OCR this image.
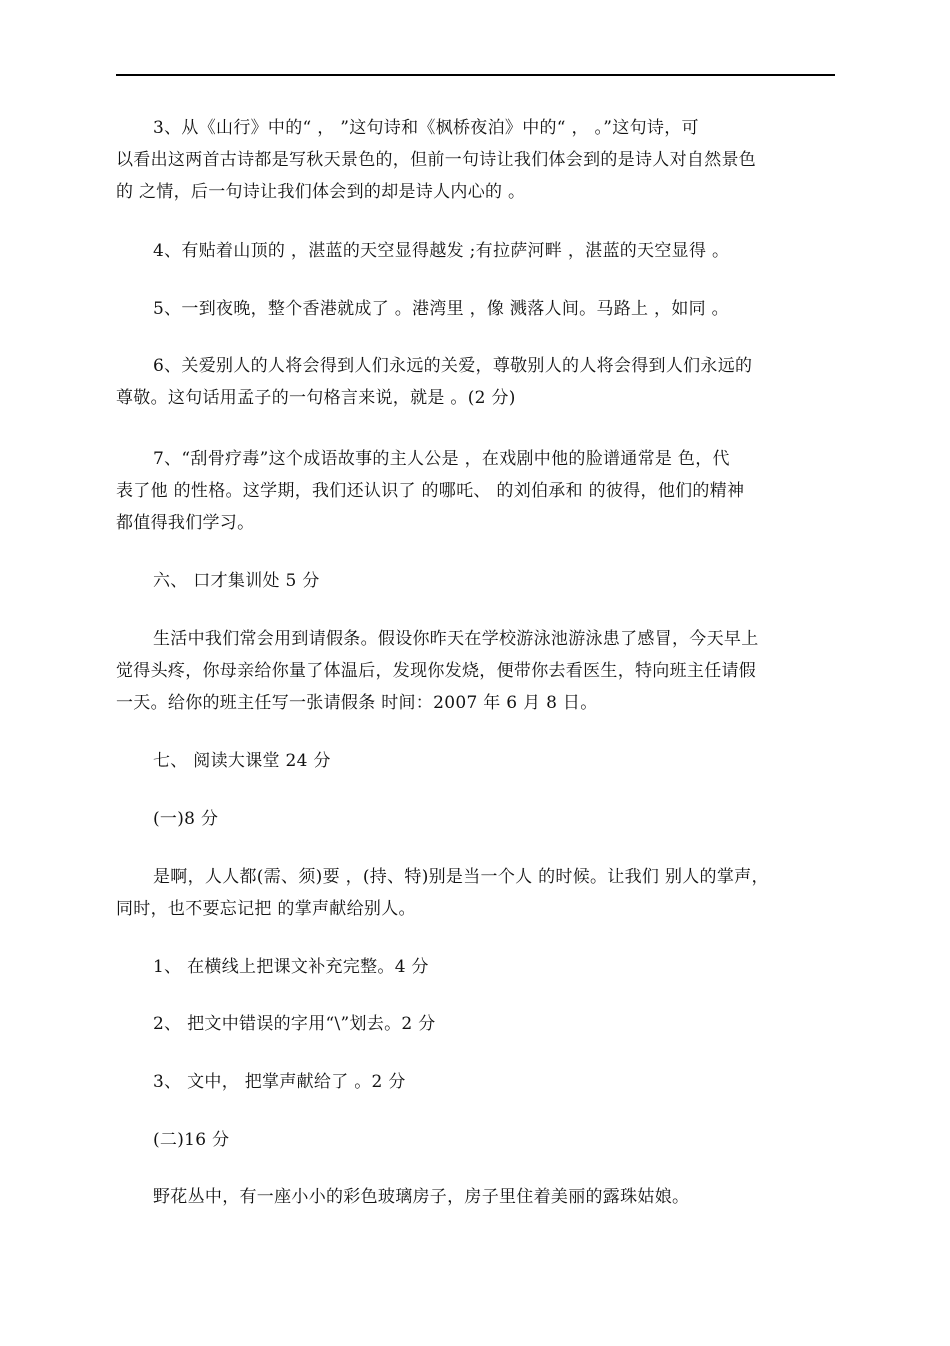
3、从《山行》中的“ ， ”这句诗和《枫桥夜泊》中的“ ， 。”这句诗，可
以看出这两首古诗都是写秋天景色的，但前一句诗让我们体会到的是诗人对自然景色
的 之情，后一句诗让我们体会到的却是诗人内心的 。

4、有贴着山顶的 ，湛蓝的天空显得越发 ;有拉萨河畔 ，湛蓝的天空显得 。

5、一到夜晚，整个香港就成了 。港湾里 ，像 溅落人间。马路上 ，如同 。

6、关爱别人的人将会得到人们永远的关爱，尊敬别人的人将会得到人们永远的
尊敬。这句话用孟子的一句格言来说，就是 。(2 分)

7、“刮骨疗毒”这个成语故事的主人公是 ，在戏剧中他的脸谱通常是 色，代
表了他 的性格。这学期，我们还认识了 的哪吒、 的刘伯承和 的彼得，他们的精神
都值得我们学习。

六、 口才集训处 5 分

生活中我们常会用到请假条。假设你昨天在学校游泳池游泳患了感冒，今天早上
觉得头疼，你母亲给你量了体温后，发现你发烧，便带你去看医生，特向班主任请假
一天。给你的班主任写一张请假条 时间：2007 年 6 月 8 日。

七、 阅读大课堂 24 分

(一)8 分

是啊，人人都(需、须)要 ，(持、特)别是当一个人 的时候。让我们 别人的掌声，
同时，也不要忘记把 的掌声献给别人。

1、 在横线上把课文补充完整。4 分

2、 把文中错误的字用“\”划去。2 分

3、 文中， 把掌声献给了 。2 分

(二)16 分

野花丛中，有一座小小的彩色玻璃房子，房子里住着美丽的露珠姑娘。
